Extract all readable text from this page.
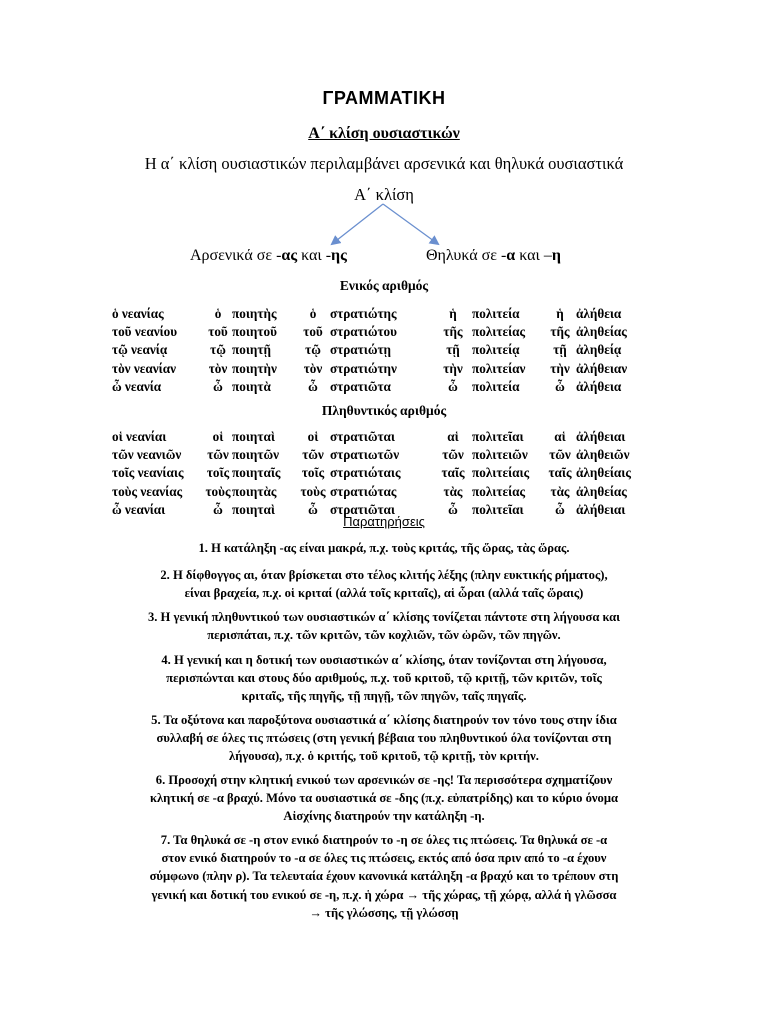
ΓΡΑΜΜΑΤΙΚΗ
Α΄ κλίση ουσιαστικών
Η α΄ κλίση ουσιαστικών περιλαμβάνει αρσενικά και θηλυκά ουσιαστικά
Α΄ κλίση
Αρσενικά σε -ας και -ης	Θηλυκά σε -α και –η
Ενικός αριθμός
ὁ νεανίας	ὁ	ποιητὴς	ὁ	στρατιώτης	ἡ	πολιτεία	ἡ	ἀλήθεια
τοῦ νεανίου	τοῦ	ποιητοῦ	τοῦ	στρατιώτου	τῆς	πολιτείας	τῆς	ἀληθείας
τῷ νεανίᾳ	τῷ	ποιητῇ	τῷ	στρατιώτῃ	τῇ	πολιτείᾳ	τῇ	ἀληθείᾳ
τὸν νεανίαν	τὸν	ποιητὴν	τὸν	στρατιώτην	τὴν	πολιτείαν	τὴν	ἀλήθειαν
ὦ νεανία	ὦ	ποιητὰ	ὦ	στρατιῶτα	ὦ	πολιτεία	ὦ	ἀλήθεια
Πληθυντικός αριθμός
οἱ νεανίαι	οἱ	ποιηταὶ	οἱ	στρατιῶται	αἱ	πολιτεῖαι	αἱ	ἀλήθειαι
τῶν νεανιῶν	τῶν	ποιητῶν	τῶν	στρατιωτῶν	τῶν	πολιτειῶν	τῶν	ἀληθειῶν
τοῖς νεανίαις	τοῖς	ποιηταῖς	τοῖς	στρατιώταις	ταῖς	πολιτείαις	ταῖς	ἀληθείαις
τοὺς νεανίας	τοὺς	ποιητὰς	τοὺς	στρατιώτας	τὰς	πολιτείας	τὰς	ἀληθείας
ὦ νεανίαι	ὦ	ποιηταὶ	ὦ	στρατιῶται	ὦ	πολιτεῖαι	ὦ	ἀλήθειαι
Παρατηρήσεις
1. Η κατάληξη -ας είναι μακρά, π.χ. τοὺς κριτάς, τῆς ὥρας, τὰς ὥρας.
2. Η δίφθογγος αι, όταν βρίσκεται στο τέλος κλιτής λέξης (πλην ευκτικής ρήματος),
είναι βραχεία, π.χ. οἱ κριταί (αλλά τοῖς κριταῖς), αἱ ὧραι (αλλά ταῖς ὥραις)
3. Η γενική πληθυντικού των ουσιαστικών α΄ κλίσης τονίζεται πάντοτε στη λήγουσα και
περισπάται, π.χ. τῶν κριτῶν, τῶν κοχλιῶν, τῶν ὡρῶν, τῶν πηγῶν.
4. Η γενική και η δοτική των ουσιαστικών α΄ κλίσης, όταν τονίζονται στη λήγουσα,
περισπώνται και στους δύο αριθμούς, π.χ. τοῦ κριτοῦ, τῷ κριτῇ, τῶν κριτῶν, τοῖς
κριταῖς, τῆς πηγῆς, τῇ πηγῇ, τῶν πηγῶν, ταῖς πηγαῖς.
5. Τα οξύτονα και παροξύτονα ουσιαστικά α΄ κλίσης διατηρούν τον τόνο τους στην ίδια
συλλαβή σε όλες τις πτώσεις (στη γενική βέβαια του πληθυντικού όλα τονίζονται στη
λήγουσα), π.χ. ὁ κριτής, τοῦ κριτοῦ, τῷ κριτῇ, τὸν κριτήν.
6. Προσοχή στην κλητική ενικού των αρσενικών σε -ης! Τα περισσότερα σχηματίζουν
κλητική σε -α βραχύ. Μόνο τα ουσιαστικά σε -δης (π.χ. εὐπατρίδης) και το κύριο όνομα
Αἰσχίνης διατηρούν την κατάληξη -η.
7. Τα θηλυκά σε -η στον ενικό διατηρούν το -η σε όλες τις πτώσεις. Τα θηλυκά σε -α
στον ενικό διατηρούν το -α σε όλες τις πτώσεις, εκτός από όσα πριν από το -α έχουν
σύμφωνο (πλην ρ). Τα τελευταία έχουν κανονικά κατάληξη -α βραχύ και το τρέπουν στη
γενική και δοτική του ενικού σε -η, π.χ. ἡ χώρα → τῆς χώρας, τῇ χώρᾳ, αλλά ἡ γλῶσσα
→ τῆς γλώσσης, τῇ γλώσσῃ
